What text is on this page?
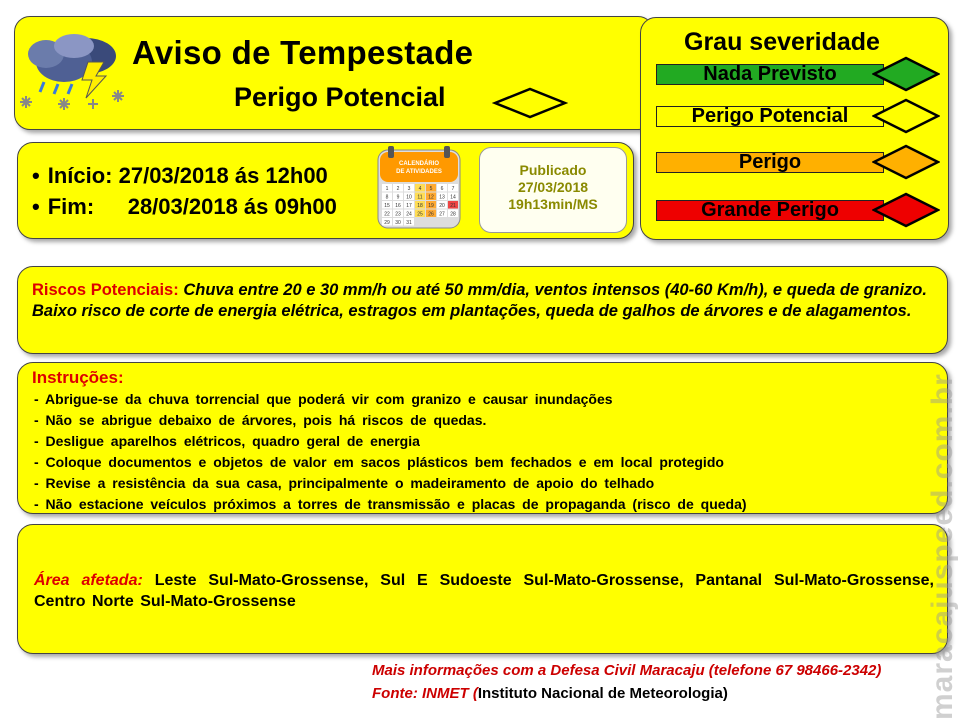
Aviso de Tempestade
Perigo Potencial
Grau severidade
Nada Previsto
Perigo Potencial
Perigo
Grande Perigo
• Início: 27/03/2018 ás 12h00
• Fim: 28/03/2018 ás 09h00
CALENDÁRIO
DE ATIVIDADES
1 2 3 4 5 6 7
8 9 10 11 12 13 14
15 16 17 18 19 20 21
22 23 24 25 26 27 28
29 30 31
Publicado
27/03/2018
19h13min/MS
Riscos Potenciais: Chuva entre 20 e 30 mm/h ou até 50 mm/dia, ventos intensos (40-60 Km/h), e queda de granizo. Baixo risco de corte de energia elétrica, estragos em plantações, queda de galhos de árvores e de alagamentos.
Instruções:
- Abrigue-se da chuva torrencial que poderá vir com granizo e causar inundações
- Não se abrigue debaixo de árvores, pois há riscos de quedas.
- Desligue aparelhos elétricos, quadro geral de energia
- Coloque documentos e objetos de valor em sacos plásticos bem fechados e em local protegido
- Revise a resistência da sua casa, principalmente o madeiramento de apoio do telhado
- Não estacione veículos próximos a torres de transmissão e placas de propaganda (risco de queda)
Área afetada: Leste Sul-Mato-Grossense, Sul E Sudoeste Sul-Mato-Grossense, Pantanal Sul-Mato-Grossense, Centro Norte Sul-Mato-Grossense
Mais informações com a Defesa Civil Maracaju (telefone 67 98466-2342)
Fonte: INMET (Instituto Nacional de Meteorologia)	maracajuspeed.com.br
